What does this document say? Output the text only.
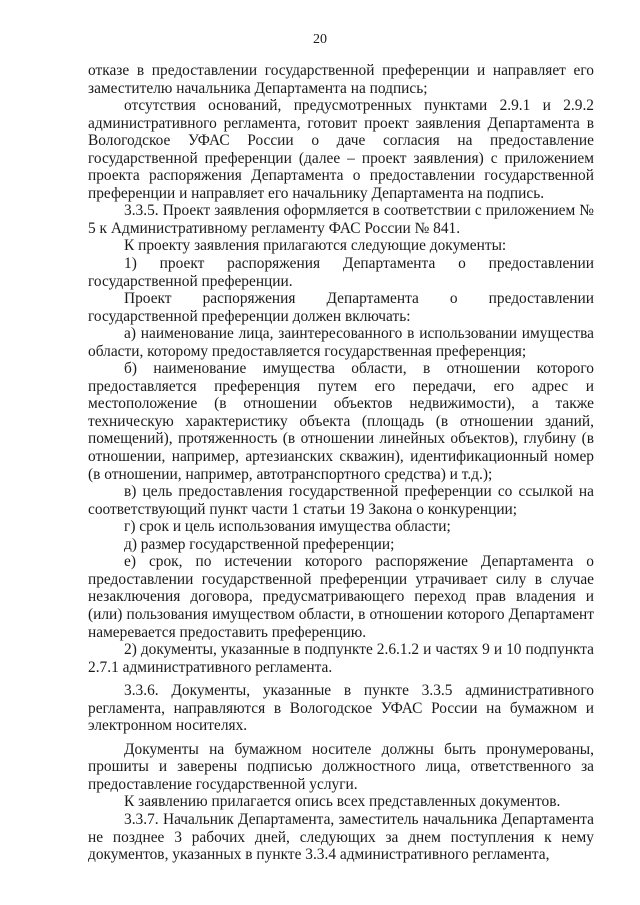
20

отказе в предоставлении государственной преференции и направляет его заместителю начальника Департамента на подпись;

отсутствия оснований, предусмотренных пунктами 2.9.1 и 2.9.2 административного регламента, готовит проект заявления Департамента в Вологодское УФАС России о даче согласия на предоставление государственной преференции (далее – проект заявления) с приложением проекта распоряжения Департамента о предоставлении государственной преференции и направляет его начальнику Департамента на подпись.

3.3.5. Проект заявления оформляется в соответствии с приложением № 5 к Административному регламенту ФАС России № 841.

К проекту заявления прилагаются следующие документы:

1) проект распоряжения Департамента о предоставлении государственной преференции.

Проект распоряжения Департамента о предоставлении государственной преференции должен включать:

а) наименование лица, заинтересованного в использовании имущества области, которому предоставляется государственная преференция;

б) наименование имущества области, в отношении которого предоставляется преференция путем его передачи, его адрес и местоположение (в отношении объектов недвижимости), а также техническую характеристику объекта (площадь (в отношении зданий, помещений), протяженность (в отношении линейных объектов), глубину (в отношении, например, артезианских скважин), идентификационный номер (в отношении, например, автотранспортного средства) и т.д.);

в) цель предоставления государственной преференции со ссылкой на соответствующий пункт части 1 статьи 19 Закона о конкуренции;

г) срок и цель использования имущества области;

д) размер государственной преференции;

е) срок, по истечении которого распоряжение Департамента о предоставлении государственной преференции утрачивает силу в случае незаключения договора, предусматривающего переход прав владения и (или) пользования имуществом области, в отношении которого Департамент намеревается предоставить преференцию.

2) документы, указанные в подпункте 2.6.1.2 и частях 9 и 10 подпункта 2.7.1 административного регламента.

3.3.6. Документы, указанные в пункте 3.3.5 административного регламента, направляются в Вологодское УФАС России на бумажном и электронном носителях.

Документы на бумажном носителе должны быть пронумерованы, прошиты и заверены подписью должностного лица, ответственного за предоставление государственной услуги.

К заявлению прилагается опись всех представленных документов.

3.3.7. Начальник Департамента, заместитель начальника Департамента не позднее 3 рабочих дней, следующих за днем поступления к нему документов, указанных в пункте 3.3.4 административного регламента,
